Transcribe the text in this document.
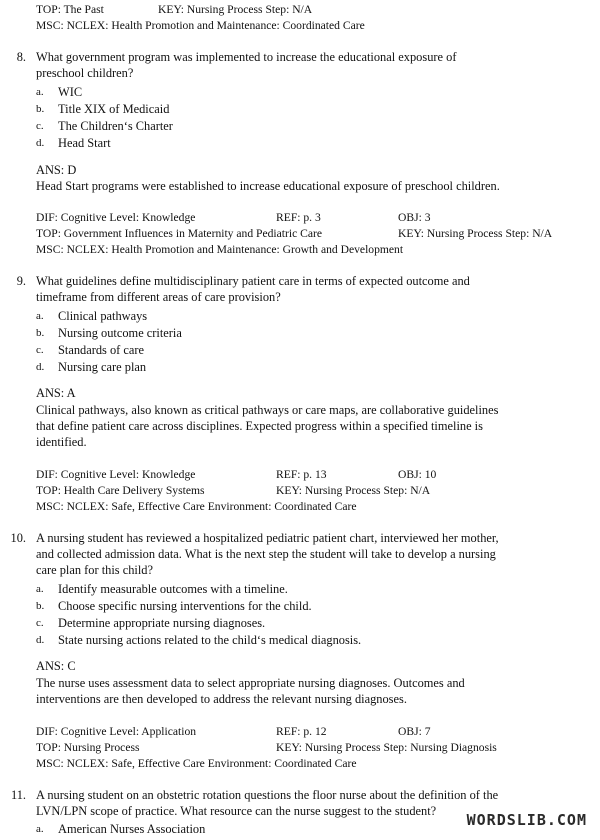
TOP: The Past	KEY: Nursing Process Step: N/A
MSC: NCLEX: Health Promotion and Maintenance: Coordinated Care
8. What government program was implemented to increase the educational exposure of
preschool children?
a. WIC
b. Title XIX of Medicaid
c. The Children‘s Charter
d. Head Start
ANS: D
Head Start programs were established to increase educational exposure of preschool children.
DIF: Cognitive Level: Knowledge	REF: p. 3	OBJ: 3
TOP: Government Influences in Maternity and Pediatric Care	KEY: Nursing Process Step: N/A
MSC: NCLEX: Health Promotion and Maintenance: Growth and Development
9. What guidelines define multidisciplinary patient care in terms of expected outcome and
timeframe from different areas of care provision?
a. Clinical pathways
b. Nursing outcome criteria
c. Standards of care
d. Nursing care plan
ANS: A
Clinical pathways, also known as critical pathways or care maps, are collaborative guidelines
that define patient care across disciplines. Expected progress within a specified timeline is
identified.
DIF: Cognitive Level: Knowledge	REF: p. 13	OBJ: 10
TOP: Health Care Delivery Systems	KEY: Nursing Process Step: N/A
MSC: NCLEX: Safe, Effective Care Environment: Coordinated Care
10. A nursing student has reviewed a hospitalized pediatric patient chart, interviewed her mother,
and collected admission data. What is the next step the student will take to develop a nursing
care plan for this child?
a. Identify measurable outcomes with a timeline.
b. Choose specific nursing interventions for the child.
c. Determine appropriate nursing diagnoses.
d. State nursing actions related to the child‘s medical diagnosis.
ANS: C
The nurse uses assessment data to select appropriate nursing diagnoses. Outcomes and
interventions are then developed to address the relevant nursing diagnoses.
DIF: Cognitive Level: Application	REF: p. 12	OBJ: 7
TOP: Nursing Process	KEY: Nursing Process Step: Nursing Diagnosis
MSC: NCLEX: Safe, Effective Care Environment: Coordinated Care
11. A nursing student on an obstetric rotation questions the floor nurse about the definition of the
LVN/LPN scope of practice. What resource can the nurse suggest to the student?
a. American Nurses Association	WORDSLIB.COM
